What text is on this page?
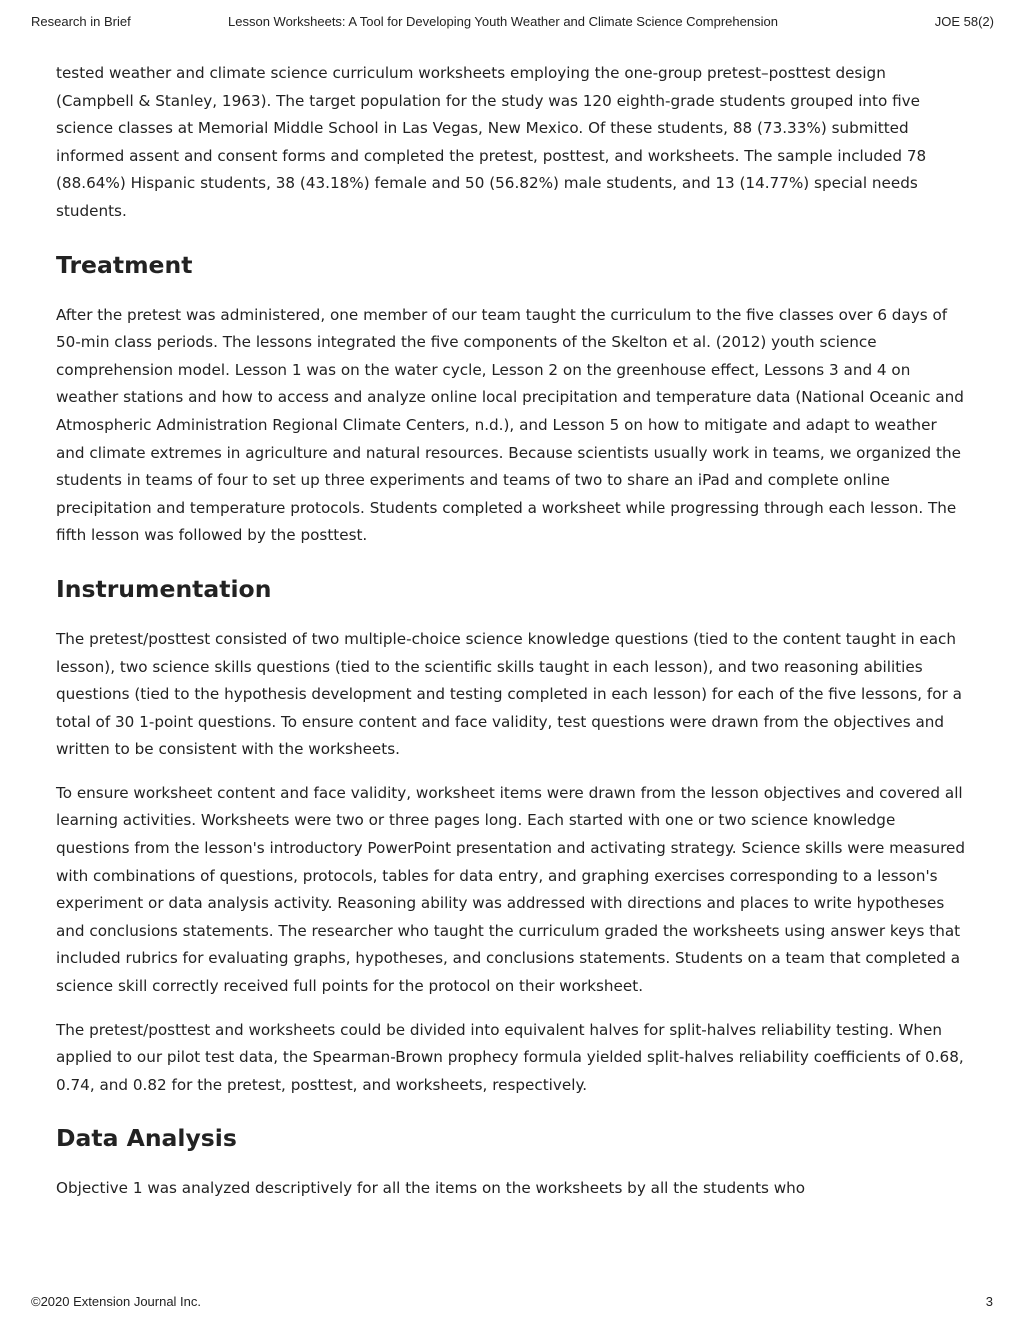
Research in Brief	Lesson Worksheets: A Tool for Developing Youth Weather and Climate Science Comprehension	JOE 58(2)

tested weather and climate science curriculum worksheets employing the one-group pretest–posttest design (Campbell & Stanley, 1963). The target population for the study was 120 eighth-grade students grouped into five science classes at Memorial Middle School in Las Vegas, New Mexico. Of these students, 88 (73.33%) submitted informed assent and consent forms and completed the pretest, posttest, and worksheets. The sample included 78 (88.64%) Hispanic students, 38 (43.18%) female and 50 (56.82%) male students, and 13 (14.77%) special needs students.

Treatment

After the pretest was administered, one member of our team taught the curriculum to the five classes over 6 days of 50-min class periods. The lessons integrated the five components of the Skelton et al. (2012) youth science comprehension model. Lesson 1 was on the water cycle, Lesson 2 on the greenhouse effect, Lessons 3 and 4 on weather stations and how to access and analyze online local precipitation and temperature data (National Oceanic and Atmospheric Administration Regional Climate Centers, n.d.), and Lesson 5 on how to mitigate and adapt to weather and climate extremes in agriculture and natural resources. Because scientists usually work in teams, we organized the students in teams of four to set up three experiments and teams of two to share an iPad and complete online precipitation and temperature protocols. Students completed a worksheet while progressing through each lesson. The fifth lesson was followed by the posttest.

Instrumentation

The pretest/posttest consisted of two multiple-choice science knowledge questions (tied to the content taught in each lesson), two science skills questions (tied to the scientific skills taught in each lesson), and two reasoning abilities questions (tied to the hypothesis development and testing completed in each lesson) for each of the five lessons, for a total of 30 1-point questions. To ensure content and face validity, test questions were drawn from the objectives and written to be consistent with the worksheets.

To ensure worksheet content and face validity, worksheet items were drawn from the lesson objectives and covered all learning activities. Worksheets were two or three pages long. Each started with one or two science knowledge questions from the lesson's introductory PowerPoint presentation and activating strategy. Science skills were measured with combinations of questions, protocols, tables for data entry, and graphing exercises corresponding to a lesson's experiment or data analysis activity. Reasoning ability was addressed with directions and places to write hypotheses and conclusions statements. The researcher who taught the curriculum graded the worksheets using answer keys that included rubrics for evaluating graphs, hypotheses, and conclusions statements. Students on a team that completed a science skill correctly received full points for the protocol on their worksheet.

The pretest/posttest and worksheets could be divided into equivalent halves for split-halves reliability testing. When applied to our pilot test data, the Spearman-Brown prophecy formula yielded split-halves reliability coefficients of 0.68, 0.74, and 0.82 for the pretest, posttest, and worksheets, respectively.

Data Analysis

Objective 1 was analyzed descriptively for all the items on the worksheets by all the students who

©2020 Extension Journal Inc.	3
